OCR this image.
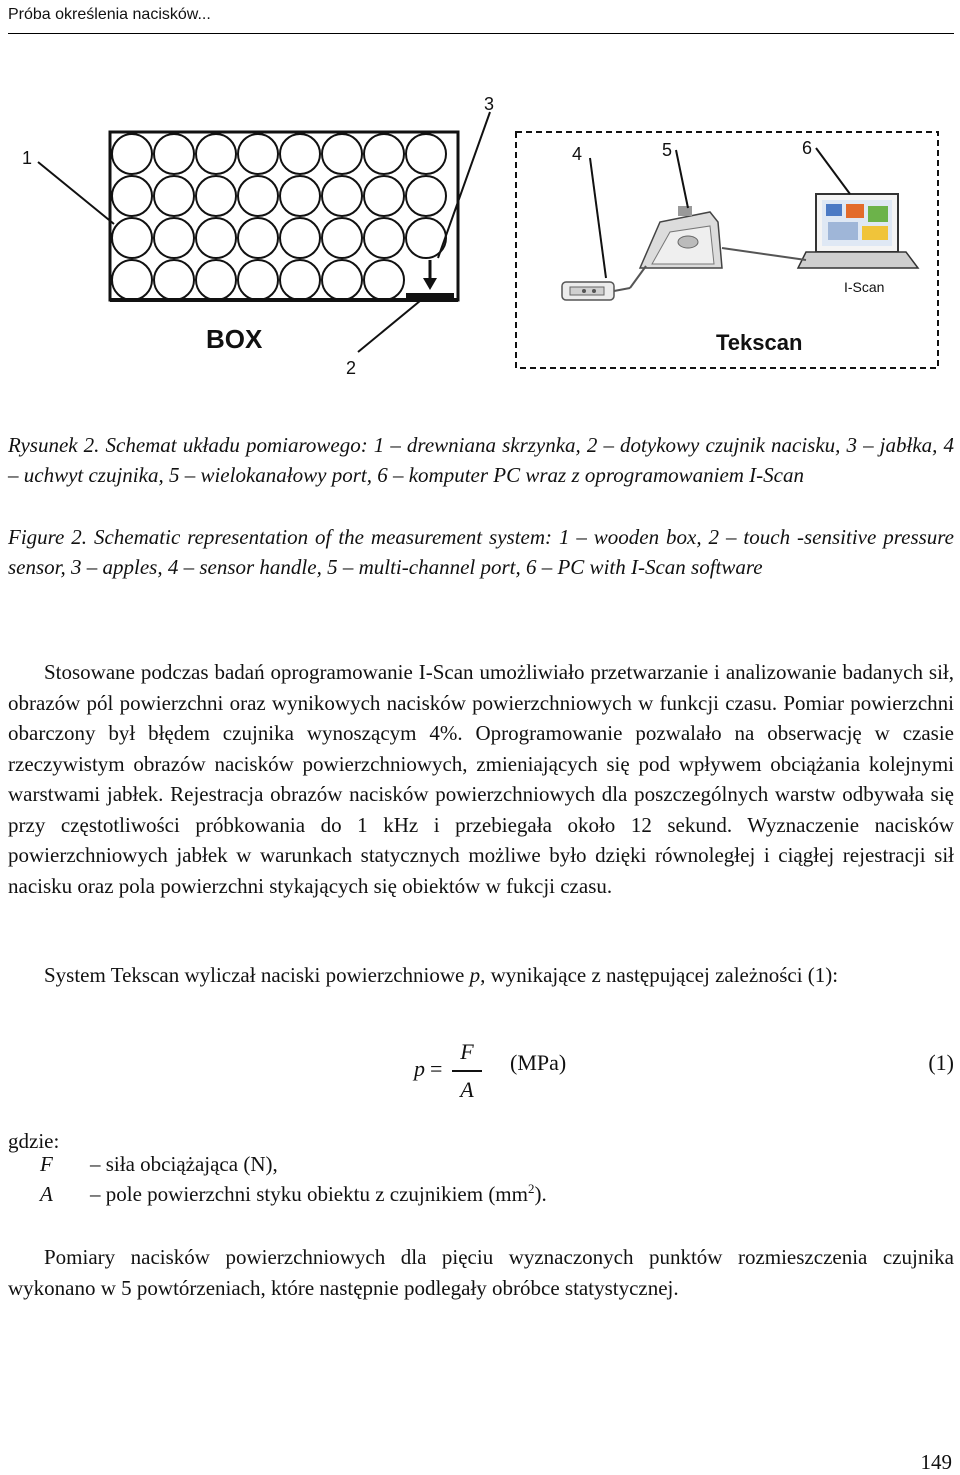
Próba określenia nacisków...
1
2
3
BOX
4	5	6
I-Scan
Tekscan
Rysunek 2. Schemat układu pomiarowego: 1 – drewniana skrzynka, 2 – dotykowy czujnik nacisku, 3 – jabłka, 4 – uchwyt czujnika, 5 – wielokanałowy port, 6 – komputer PC wraz z oprogramowaniem I-Scan
Figure 2. Schematic representation of the measurement system: 1 – wooden box, 2 – touch -sensitive pressure sensor, 3 – apples, 4 – sensor handle, 5 – multi-channel port, 6 – PC with I-Scan software
Stosowane podczas badań oprogramowanie I-Scan umożliwiało przetwarzanie i analizowanie badanych sił, obrazów pól powierzchni oraz wynikowych nacisków powierzchniowych w funkcji czasu. Pomiar powierzchni obarczony był błędem czujnika wynoszącym 4%. Oprogramowanie pozwalało na obserwację w czasie rzeczywistym obrazów nacisków powierzchniowych, zmieniających się pod wpływem obciążania kolejnymi warstwami jabłek. Rejestracja obrazów nacisków powierzchniowych dla poszczególnych warstw odbywała się przy częstotliwości próbkowania do 1 kHz i przebiegała około 12 sekund. Wyznaczenie nacisków powierzchniowych jabłek w warunkach statycznych możliwe było dzięki równoległej i ciągłej rejestracji sił nacisku oraz pola powierzchni stykających się obiektów w fukcji czasu.
System Tekscan wyliczał naciski powierzchniowe p, wynikające z następującej zależności (1):
p =
F
A
(MPa)	(1)
gdzie:
F – siła obciążająca (N),
A – pole powierzchni styku obiektu z czujnikiem $(mm^2)$.
Pomiary nacisków powierzchniowych dla pięciu wyznaczonych punktów rozmieszczenia czujnika wykonano w 5 powtórzeniach, które następnie podlegały obróbce statystycznej.
149
